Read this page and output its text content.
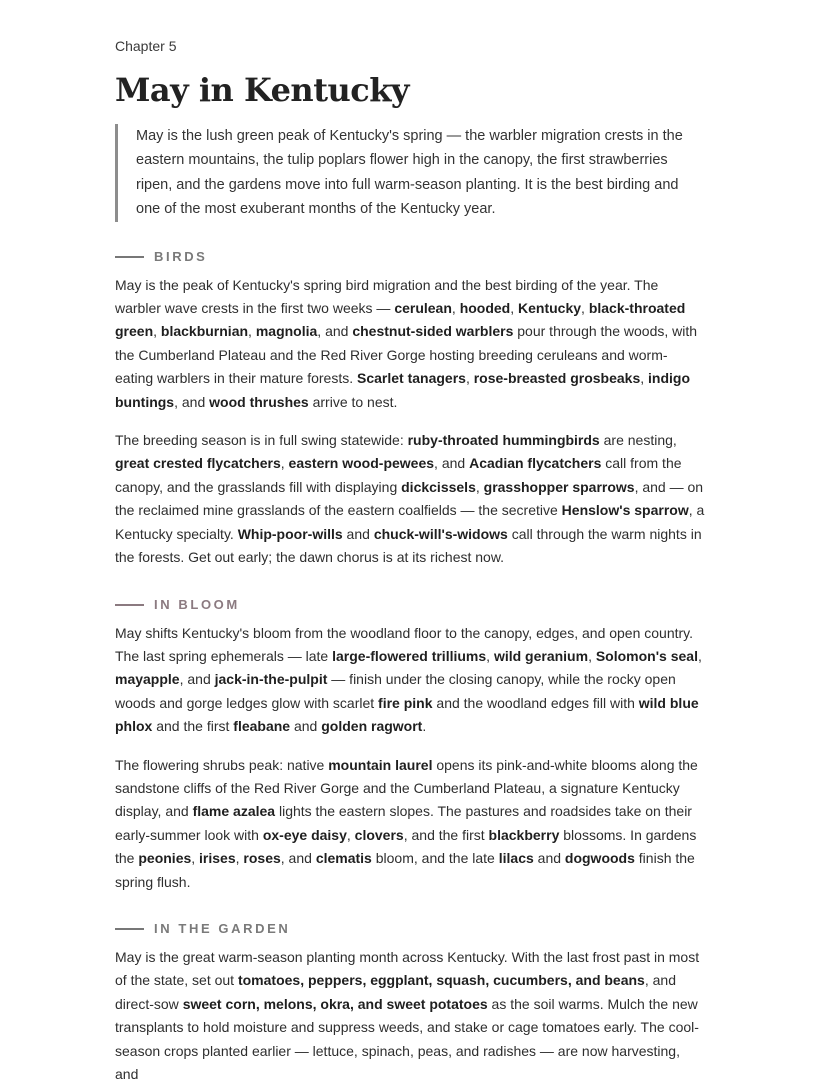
Chapter 5
May in Kentucky
May is the lush green peak of Kentucky's spring — the warbler migration crests in the eastern mountains, the tulip poplars flower high in the canopy, the first strawberries ripen, and the gardens move into full warm-season planting. It is the best birding and one of the most exuberant months of the Kentucky year.
BIRDS

May is the peak of Kentucky's spring bird migration and the best birding of the year. The warbler wave crests in the first two weeks — cerulean, hooded, Kentucky, black-throated green, blackburnian, magnolia, and chestnut-sided warblers pour through the woods, with the Cumberland Plateau and the Red River Gorge hosting breeding ceruleans and worm-eating warblers in their mature forests. Scarlet tanagers, rose-breasted grosbeaks, indigo buntings, and wood thrushes arrive to nest.

The breeding season is in full swing statewide: ruby-throated hummingbirds are nesting, great crested flycatchers, eastern wood-pewees, and Acadian flycatchers call from the canopy, and the grasslands fill with displaying dickcissels, grasshopper sparrows, and — on the reclaimed mine grasslands of the eastern coalfields — the secretive Henslow's sparrow, a Kentucky specialty. Whip-poor-wills and chuck-will's-widows call through the warm nights in the forests. Get out early; the dawn chorus is at its richest now.

IN BLOOM

May shifts Kentucky's bloom from the woodland floor to the canopy, edges, and open country. The last spring ephemerals — late large-flowered trilliums, wild geranium, Solomon's seal, mayapple, and jack-in-the-pulpit — finish under the closing canopy, while the rocky open woods and gorge ledges glow with scarlet fire pink and the woodland edges fill with wild blue phlox and the first fleabane and golden ragwort.

The flowering shrubs peak: native mountain laurel opens its pink-and-white blooms along the sandstone cliffs of the Red River Gorge and the Cumberland Plateau, a signature Kentucky display, and flame azalea lights the eastern slopes. The pastures and roadsides take on their early-summer look with ox-eye daisy, clovers, and the first blackberry blossoms. In gardens the peonies, irises, roses, and clematis bloom, and the late lilacs and dogwoods finish the spring flush.

IN THE GARDEN

May is the great warm-season planting month across Kentucky. With the last frost past in most of the state, set out tomatoes, peppers, eggplant, squash, cucumbers, and beans, and direct-sow sweet corn, melons, okra, and sweet potatoes as the soil warms. Mulch the new transplants to hold moisture and suppress weeds, and stake or cage tomatoes early. The cool-season crops planted earlier — lettuce, spinach, peas, and radishes — are now harvesting, and
